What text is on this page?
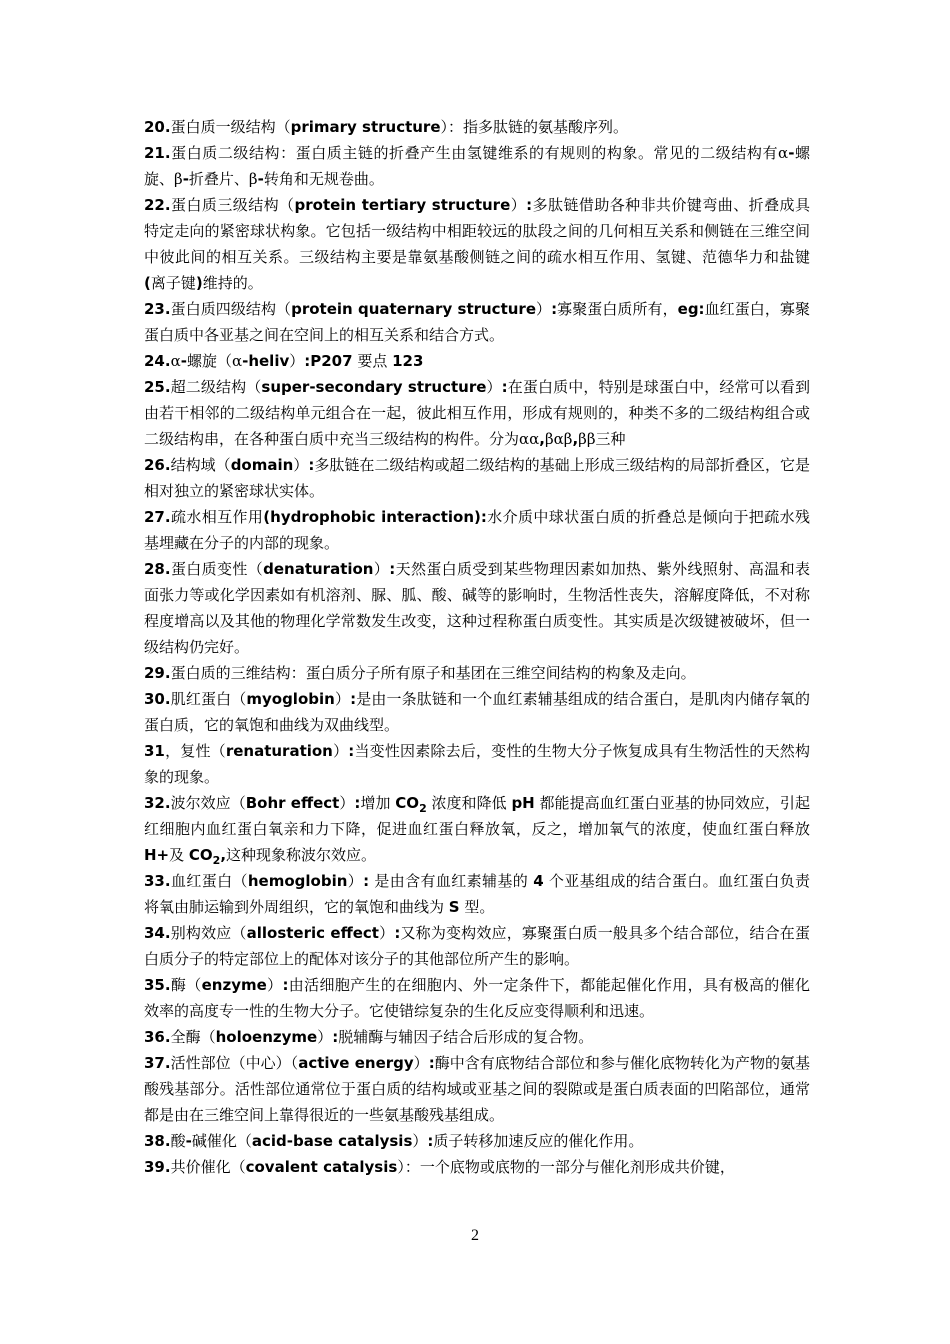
20.蛋白质一级结构（primary structure）：指多肽链的氨基酸序列。

21.蛋白质二级结构：蛋白质主链的折叠产生由氢键维系的有规则的构象。常见的二级结构有α-螺旋、β-折叠片、β-转角和无规卷曲。

22.蛋白质三级结构（protein tertiary structure）:多肽链借助各种非共价键弯曲、折叠成具特定走向的紧密球状构象。它包括一级结构中相距较远的肽段之间的几何相互关系和侧链在三维空间中彼此间的相互关系。三级结构主要是靠氨基酸侧链之间的疏水相互作用、氢键、范德华力和盐键(离子键)维持的。

23.蛋白质四级结构（protein quaternary structure）:寡聚蛋白质所有，eg:血红蛋白，寡聚蛋白质中各亚基之间在空间上的相互关系和结合方式。

24.α-螺旋（α-heliv）:P207 要点 123

25.超二级结构（super-secondary structure）:在蛋白质中，特别是球蛋白中，经常可以看到由若干相邻的二级结构单元组合在一起，彼此相互作用，形成有规则的，种类不多的二级结构组合或二级结构串，在各种蛋白质中充当三级结构的构件。分为αα,βαβ,ββ三种

26.结构域（domain）:多肽链在二级结构或超二级结构的基础上形成三级结构的局部折叠区，它是相对独立的紧密球状实体。

27.疏水相互作用(hydrophobic interaction):水介质中球状蛋白质的折叠总是倾向于把疏水残基埋藏在分子的内部的现象。

28.蛋白质变性（denaturation）:天然蛋白质受到某些物理因素如加热、紫外线照射、高温和表面张力等或化学因素如有机溶剂、脲、胍、酸、碱等的影响时，生物活性丧失，溶解度降低，不对称程度增高以及其他的物理化学常数发生改变，这种过程称蛋白质变性。其实质是次级键被破坏，但一级结构仍完好。

29.蛋白质的三维结构：蛋白质分子所有原子和基团在三维空间结构的构象及走向。

30.肌红蛋白（myoglobin）:是由一条肽链和一个血红素辅基组成的结合蛋白，是肌肉内储存氧的蛋白质，它的氧饱和曲线为双曲线型。

31，复性（renaturation）:当变性因素除去后，变性的生物大分子恢复成具有生物活性的天然构象的现象。

32.波尔效应（Bohr effect）:增加 $CO_2$ 浓度和降低 pH 都能提高血红蛋白亚基的协同效应，引起红细胞内血红蛋白氧亲和力下降，促进血红蛋白释放氧，反之，增加氧气的浓度，使血红蛋白释放 H+及 $CO_2$,这种现象称波尔效应。

33.血红蛋白（hemoglobin）: 是由含有血红素辅基的 4 个亚基组成的结合蛋白。血红蛋白负责将氧由肺运输到外周组织，它的氧饱和曲线为 S 型。

34.别构效应（allosteric effect）:又称为变构效应，寡聚蛋白质一般具多个结合部位，结合在蛋白质分子的特定部位上的配体对该分子的其他部位所产生的影响。

35.酶（enzyme）:由活细胞产生的在细胞内、外一定条件下，都能起催化作用，具有极高的催化效率的高度专一性的生物大分子。它使错综复杂的生化反应变得顺利和迅速。

36.全酶（holoenzyme）:脱辅酶与辅因子结合后形成的复合物。

37.活性部位（中心）（active energy）:酶中含有底物结合部位和参与催化底物转化为产物的氨基酸残基部分。活性部位通常位于蛋白质的结构域或亚基之间的裂隙或是蛋白质表面的凹陷部位，通常都是由在三维空间上靠得很近的一些氨基酸残基组成。

38.酸-碱催化（acid-base catalysis）:质子转移加速反应的催化作用。

39.共价催化（covalent catalysis）：一个底物或底物的一部分与催化剂形成共价键，

2
